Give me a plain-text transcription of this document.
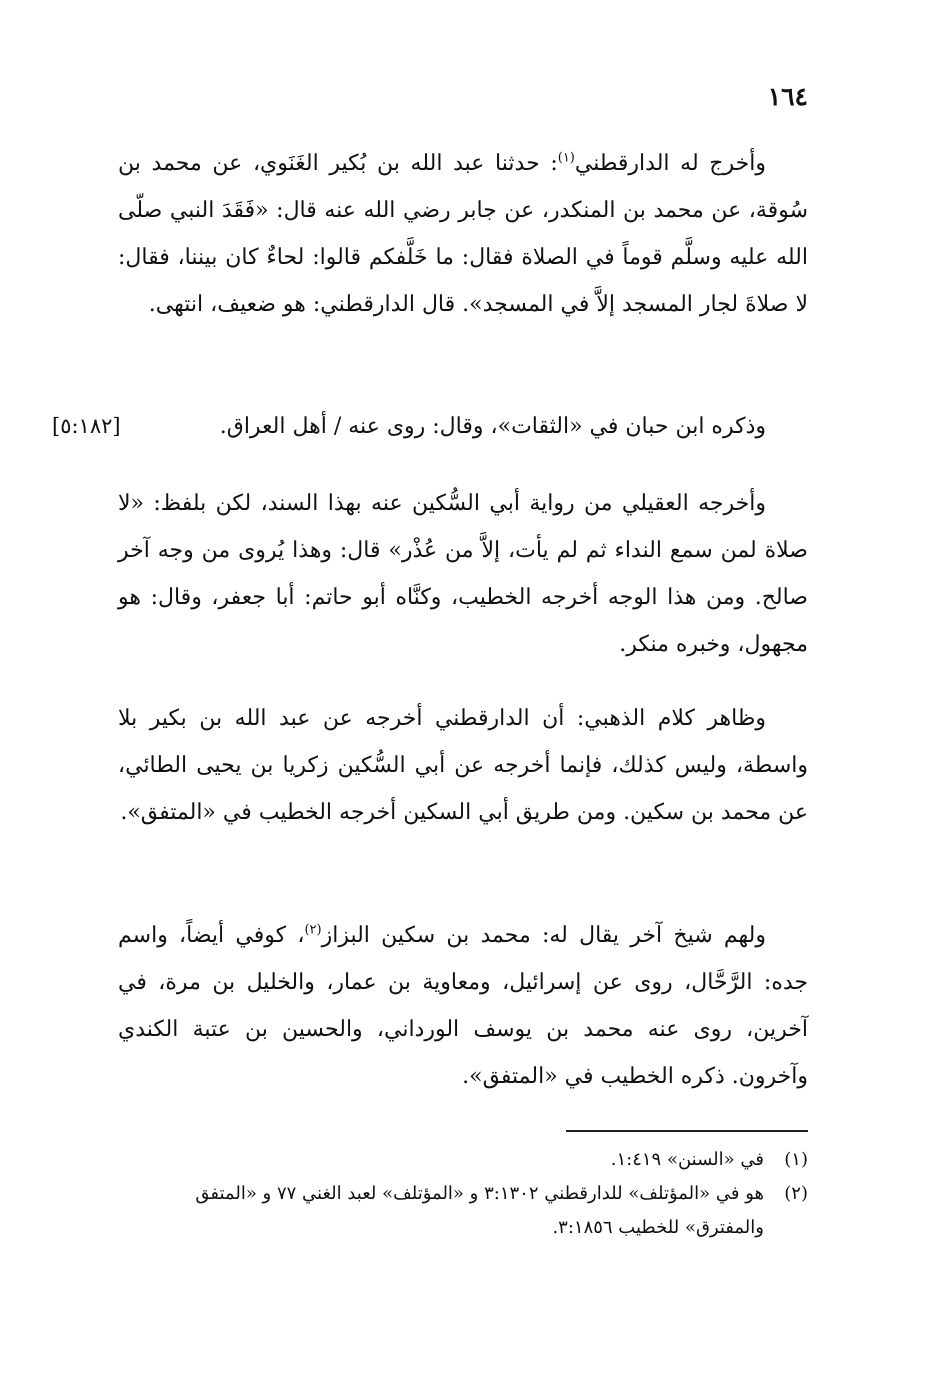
١٦٤

وأخرج له الدارقطني$^{(١)}$: حدثنا عبد الله بن بُكير الغَنَوي، عن محمد بن سُوقة، عن محمد بن المنكدر، عن جابر رضي الله عنه قال: «فَقَدَ النبي صلّى الله عليه وسلَّم قوماً في الصلاة فقال: ما خَلَّفكم قالوا: لحاءٌ كان بيننا، فقال: لا صلاةَ لجار المسجد إلاَّ في المسجد». قال الدارقطني: هو ضعيف، انتهى.

وذكره ابن حبان في «الثقات»، وقال: روى عنه / أهل العراق.

[٥:١٨٢]

وأخرجه العقيلي من رواية أبي السُّكين عنه بهذا السند، لكن بلفظ: «لا صلاة لمن سمع النداء ثم لم يأت، إلاَّ من عُذْر» قال: وهذا يُروى من وجه آخر صالح. ومن هذا الوجه أخرجه الخطيب، وكنَّاه أبو حاتم: أبا جعفر، وقال: هو مجهول، وخبره منكر.

وظاهر كلام الذهبي: أن الدارقطني أخرجه عن عبد الله بن بكير بلا واسطة، وليس كذلك، فإنما أخرجه عن أبي السُّكين زكريا بن يحيى الطائي، عن محمد بن سكين. ومن طريق أبي السكين أخرجه الخطيب في «المتفق».

ولهم شيخ آخر يقال له: محمد بن سكين البزاز$^{(٢)}$، كوفي أيضاً، واسم جده: الرَّحَّال، روى عن إسرائيل، ومعاوية بن عمار، والخليل بن مرة، في آخرين، روى عنه محمد بن يوسف الورداني، والحسين بن عتبة الكندي وآخرون. ذكره الخطيب في «المتفق».

(١)في «السنن» ١:٤١٩.

(٢)هو في «المؤتلف» للدارقطني ٣:١٣٠٢ و «المؤتلف» لعبد الغني ٧٧ و «المتفق
والمفترق» للخطيب ٣:١٨٥٦.
